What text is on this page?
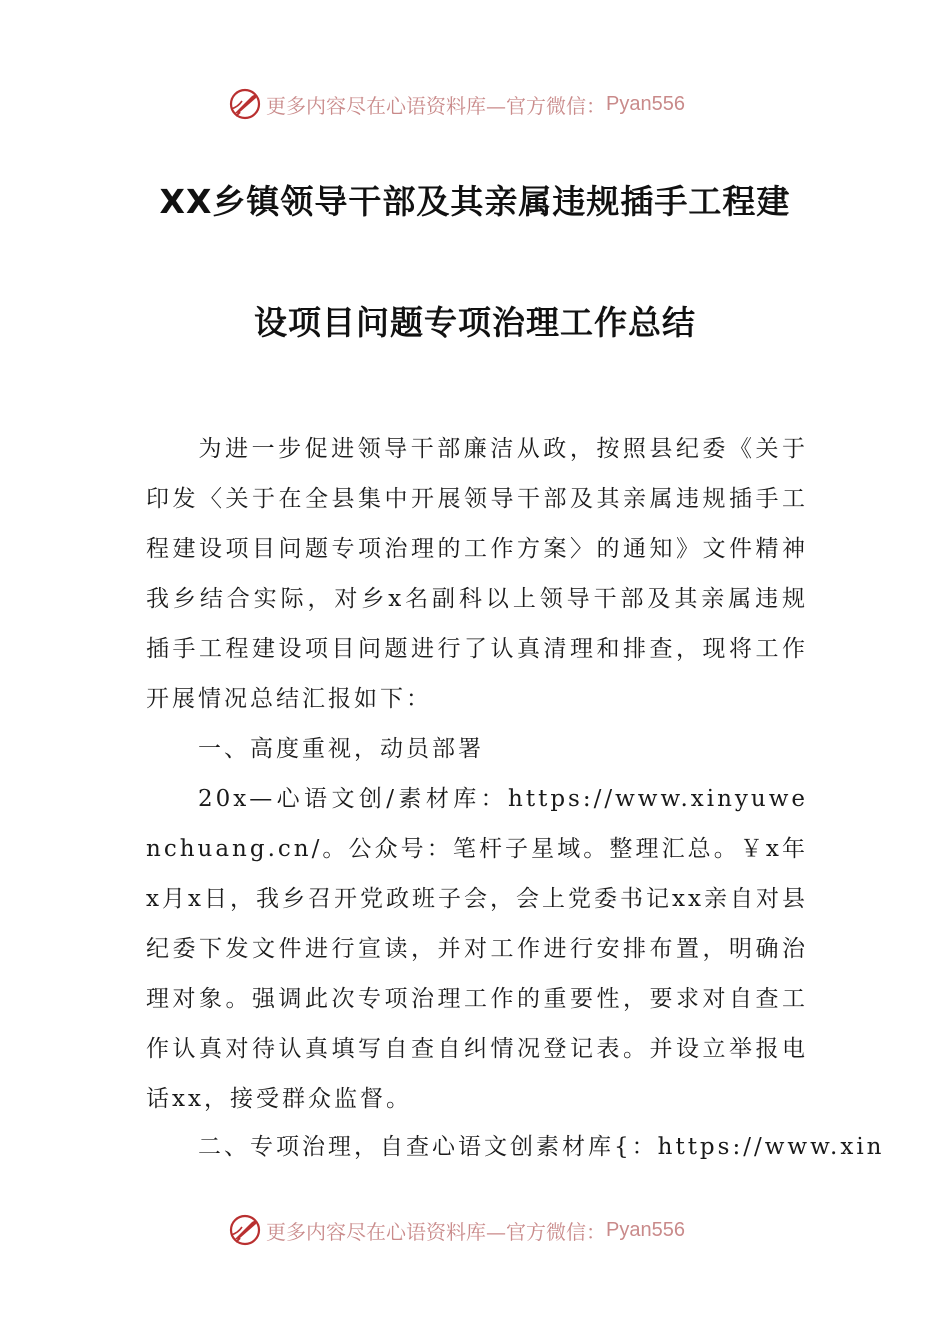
更多内容尽在心语资料库—官方微信： Pyan556
XX乡镇领导干部及其亲属违规插手工程建
设项目问题专项治理工作总结

为进一步促进领导干部廉洁从政，按照县纪委《关于印发〈关于在全县集中开展领导干部及其亲属违规插手工程建设项目问题专项治理的工作方案〉的通知》文件精神我乡结合实际，对乡x名副科以上领导干部及其亲属违规插手工程建设项目问题进行了认真清理和排查，现将工作开展情况总结汇报如下：

一、高度重视，动员部署

20x—心语文创/素材库：https://www.xinyuwenchuang.cn/。公众号：笔杆子星域。整理汇总。￥x年x月x日，我乡召开党政班子会，会上党委书记xx亲自对县纪委下发文件进行宣读，并对工作进行安排布置，明确治理对象。强调此次专项治理工作的重要性，要求对自查工作认真对待认真填写自查自纠情况登记表。并设立举报电话xx，接受群众监督。

二、专项治理，自查心语文创素材库{：https://www.xin

更多内容尽在心语资料库—官方微信： Pyan556
